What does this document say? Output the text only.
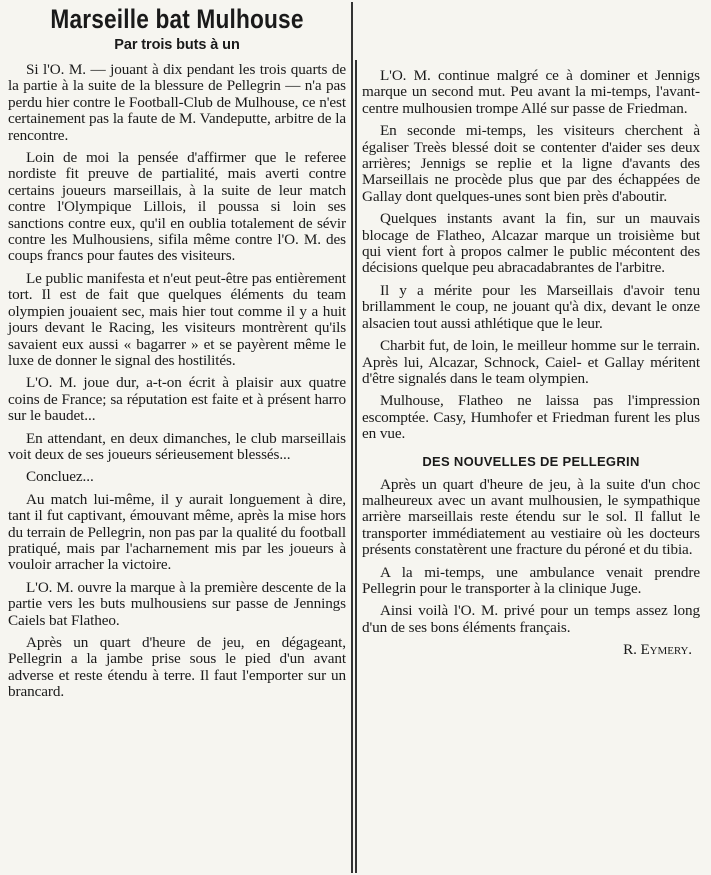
Marseille bat Mulhouse
Par trois buts à un

Si l'O. M. — jouant à dix pendant les trois quarts de la partie à la suite de la blessure de Pellegrin — n'a pas perdu hier contre le Football-Club de Mulhouse, ce n'est certainement pas la faute de M. Vandeputte, arbitre de la rencontre.

Loin de moi la pensée d'affirmer que le referee nordiste fit preuve de partialité, mais averti contre certains joueurs marseillais, à la suite de leur match contre l'Olympique Lillois, il poussa si loin ses sanctions contre eux, qu'il en oublia totalement de sévir contre les Mulhousiens, sifila même contre l'O. M. des coups francs pour fautes des visiteurs.

Le public manifesta et n'eut peut-être pas entièrement tort. Il est de fait que quelques éléments du team olympien jouaient sec, mais hier tout comme il y a huit jours devant le Racing, les visiteurs montrèrent qu'ils savaient eux aussi « bagarrer » et se payèrent même le luxe de donner le signal des hostilités.

L'O. M. joue dur, a-t-on écrit à plaisir aux quatre coins de France; sa réputation est faite et à présent harro sur le baudet...

En attendant, en deux dimanches, le club marseillais voit deux de ses joueurs sérieusement blessés...

Concluez...

Au match lui-même, il y aurait longuement à dire, tant il fut captivant, émouvant même, après la mise hors du terrain de Pellegrin, non pas par la qualité du football pratiqué, mais par l'acharnement mis par les joueurs à vouloir arracher la victoire.

L'O. M. ouvre la marque à la première descente de la partie vers les buts mulhousiens sur passe de Jennings Caiels bat Flatheo.

Après un quart d'heure de jeu, en dégageant, Pellegrin a la jambe prise sous le pied d'un avant adverse et reste étendu à terre. Il faut l'emporter sur un brancard.

L'O. M. continue malgré ce à dominer et Jennigs marque un second mut. Peu avant la mi-temps, l'avant-centre mulhousien trompe Allé sur passe de Friedman.

En seconde mi-temps, les visiteurs cherchent à égaliser Treès blessé doit se contenter d'aider ses deux arrières; Jennigs se replie et la ligne d'avants des Marseillais ne procède plus que par des échappées de Gallay dont quelques-unes sont bien près d'aboutir.

Quelques instants avant la fin, sur un mauvais blocage de Flatheo, Alcazar marque un troisième but qui vient fort à propos calmer le public mécontent des décisions quelque peu abracadabrantes de l'arbitre.

Il y a mérite pour les Marseillais d'avoir tenu brillamment le coup, ne jouant qu'à dix, devant le onze alsacien tout aussi athlétique que le leur.

Charbit fut, de loin, le meilleur homme sur le terrain. Après lui, Alcazar, Schnock, Caiel- et Gallay méritent d'être signalés dans le team olympien.

Mulhouse, Flatheo ne laissa pas l'impression escomptée. Casy, Humhofer et Friedman furent les plus en vue.

DES NOUVELLES DE PELLEGRIN

Après un quart d'heure de jeu, à la suite d'un choc malheureux avec un avant mulhousien, le sympathique arrière marseillais reste étendu sur le sol. Il fallut le transporter immédiatement au vestiaire où les docteurs présents constatèrent une fracture du péroné et du tibia.

A la mi-temps, une ambulance venait prendre Pellegrin pour le transporter à la clinique Juge.

Ainsi voilà l'O. M. privé pour un temps assez long d'un de ses bons éléments français.

R. Eymery.
